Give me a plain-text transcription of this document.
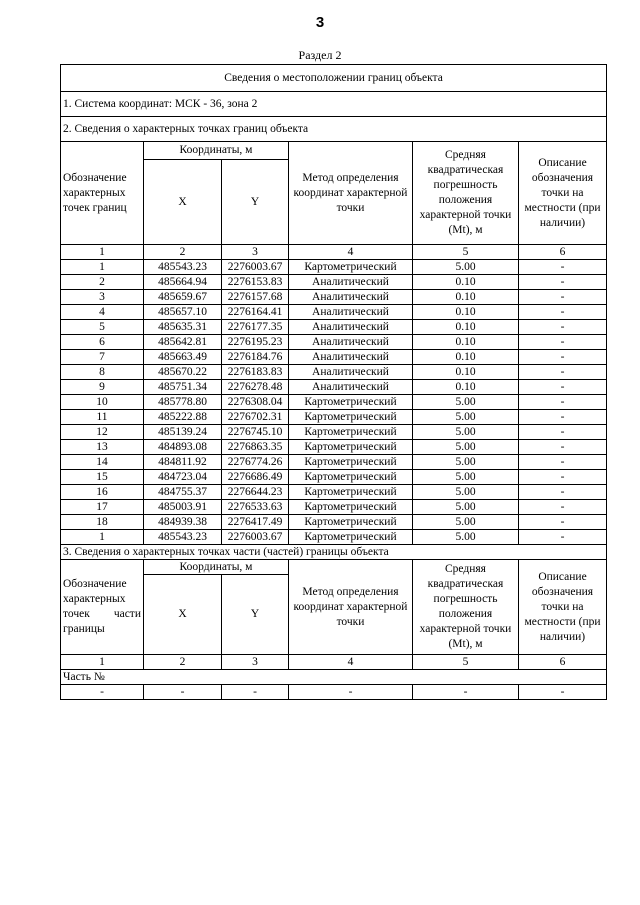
3
Раздел 2
Сведения о местоположении границ объекта					
1. Система координат: МСК - 36, зона 2					
2. Сведения о характерных точках границ объекта					
Обозначение характерных точек границ	Координаты, м		Метод определения координат характерной точки	Средняя квадратическая погрешность положения характерной точки (Mt), м	Описание обозначения точки на местности (при наличии)
	X	Y			
1	2	3	4	5	6
1	485543.23	2276003.67	Картометрический	5.00	-
2	485664.94	2276153.83	Аналитический	0.10	-
3	485659.67	2276157.68	Аналитический	0.10	-
4	485657.10	2276164.41	Аналитический	0.10	-
5	485635.31	2276177.35	Аналитический	0.10	-
6	485642.81	2276195.23	Аналитический	0.10	-
7	485663.49	2276184.76	Аналитический	0.10	-
8	485670.22	2276183.83	Аналитический	0.10	-
9	485751.34	2276278.48	Аналитический	0.10	-
10	485778.80	2276308.04	Картометрический	5.00	-
11	485222.88	2276702.31	Картометрический	5.00	-
12	485139.24	2276745.10	Картометрический	5.00	-
13	484893.08	2276863.35	Картометрический	5.00	-
14	484811.92	2276774.26	Картометрический	5.00	-
15	484723.04	2276686.49	Картометрический	5.00	-
16	484755.37	2276644.23	Картометрический	5.00	-
17	485003.91	2276533.63	Картометрический	5.00	-
18	484939.38	2276417.49	Картометрический	5.00	-
1	485543.23	2276003.67	Картометрический	5.00	-
3. Сведения о характерных точках части (частей) границы объекта					
Обозначение характерных точек части границы	Координаты, м		Метод определения координат характерной точки	Средняя квадратическая погрешность положения характерной точки (Mt), м	Описание обозначения точки на местности (при наличии)
	X	Y			
1	2	3	4	5	6
Часть №					
-	-	-	-	-	-
